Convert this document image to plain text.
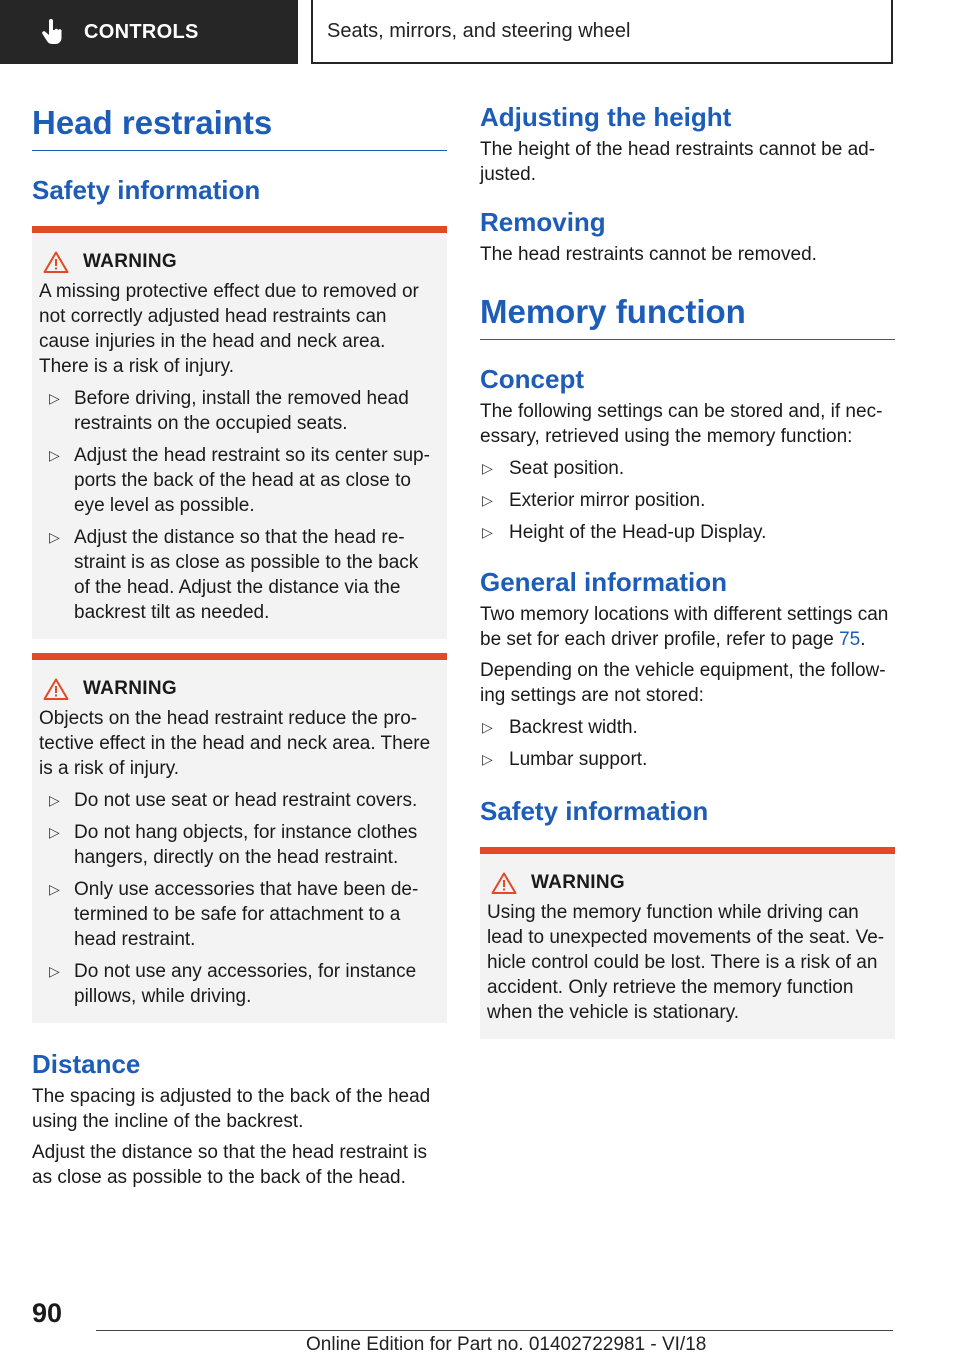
CONTROLS	Seats, mirrors, and steering wheel
Head restraints
Safety information
WARNING

A missing protective effect due to removed or not correctly adjusted head restraints can cause injuries in the head and neck area. There is a risk of injury.

▷ Before driving, install the removed head restraints on the occupied seats.
▷ Adjust the head restraint so its center sup-ports the back of the head at as close to eye level as possible.
▷ Adjust the distance so that the head re-straint is as close as possible to the back of the head. Adjust the distance via the backrest tilt as needed.
WARNING

Objects on the head restraint reduce the pro-tective effect in the head and neck area. There is a risk of injury.

▷ Do not use seat or head restraint covers.
▷ Do not hang objects, for instance clothes hangers, directly on the head restraint.
▷ Only use accessories that have been de-termined to be safe for attachment to a head restraint.
▷ Do not use any accessories, for instance pillows, while driving.
Distance

The spacing is adjusted to the back of the head using the incline of the backrest.

Adjust the distance so that the head restraint is as close as possible to the back of the head.

Adjusting the height

The height of the head restraints cannot be ad-justed.

Removing

The head restraints cannot be removed.

Memory function
Concept

The following settings can be stored and, if nec-essary, retrieved using the memory function:

▷ Seat position.
▷ Exterior mirror position.
▷ Height of the Head-up Display.
General information

Two memory locations with different settings can be set for each driver profile, refer to page 75.

Depending on the vehicle equipment, the follow-ing settings are not stored:

▷ Backrest width.
▷ Lumbar support.
Safety information
WARNING

Using the memory function while driving can lead to unexpected movements of the seat. Ve-hicle control could be lost. There is a risk of an accident. Only retrieve the memory function when the vehicle is stationary.

90
Online Edition for Part no. 01402722981 - VI/18
